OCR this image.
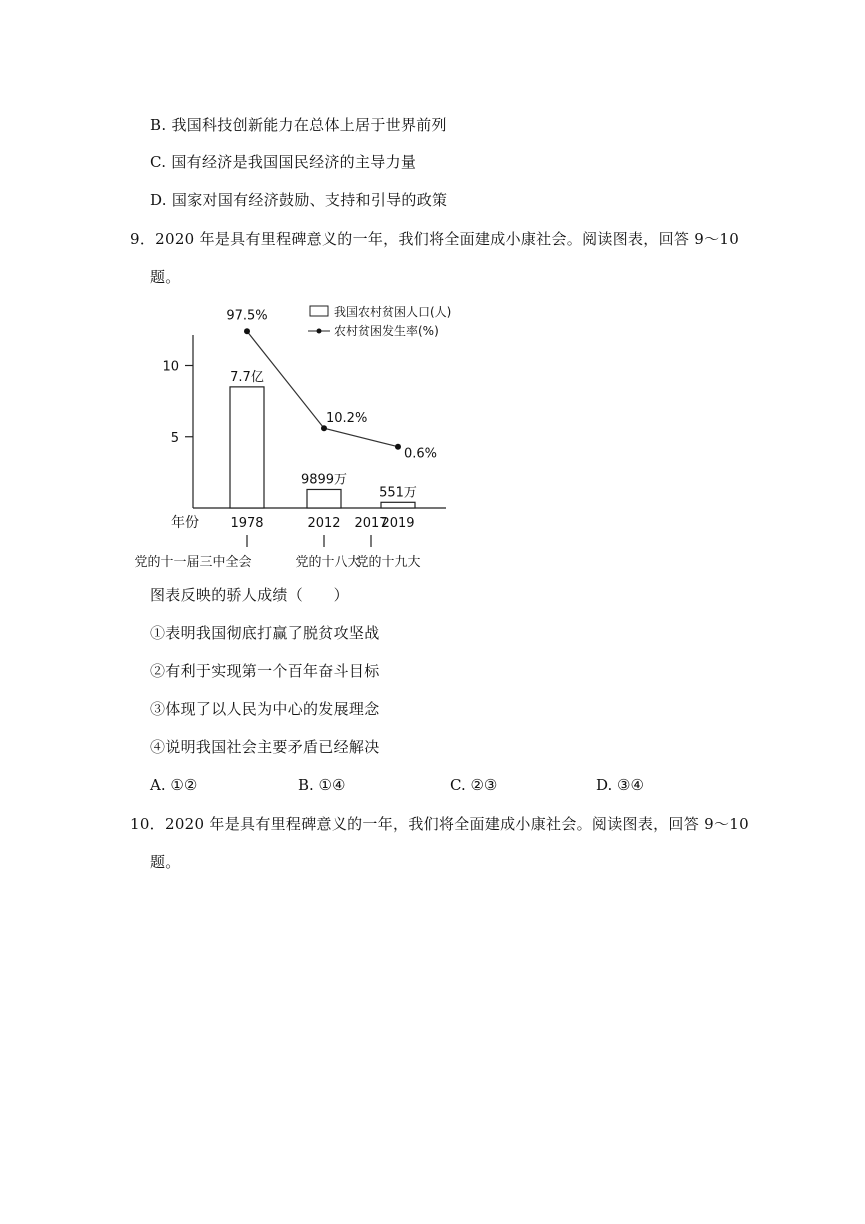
B. 我国科技创新能力在总体上居于世界前列
C. 国有经济是我国国民经济的主导力量
D. 国家对国有经济鼓励、支持和引导的政策
9．2020 年是具有里程碑意义的一年，我们将全面建成小康社会。阅读图表，回答 9～10
题。
5
10
7.7亿
9899万
551万
97.5%
10.2%
0.6%
我国农村贫困人口(人)
农村贫困发生率(%)
年份 1978	2012 2017
2019
党的十一届三中全会	党的十八大
党的十九大
图表反映的骄人成绩（　　）
①表明我国彻底打赢了脱贫攻坚战
②有利于实现第一个百年奋斗目标
③体现了以人民为中心的发展理念
④说明我国社会主要矛盾已经解决
A. ①②	B. ①④	C. ②③	D. ③④
10．2020 年是具有里程碑意义的一年，我们将全面建成小康社会。阅读图表，回答 9～10
题。
